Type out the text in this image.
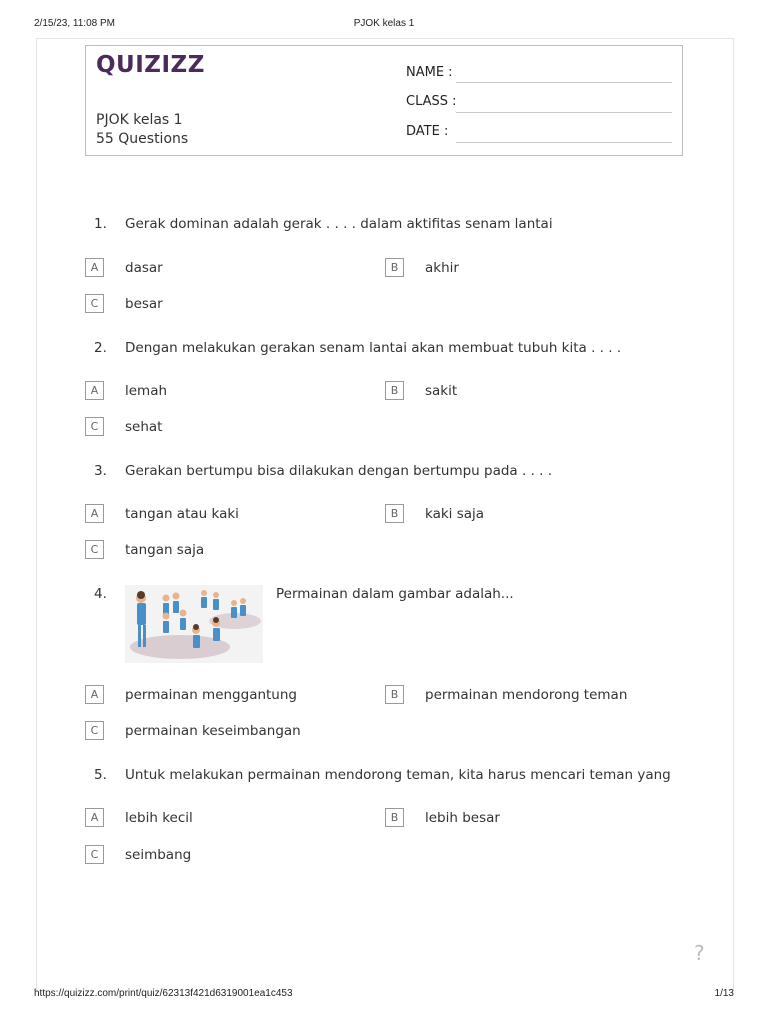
2/15/23, 11:08 PM	PJOK kelas 1
QUIZIZZ
PJOK kelas 1
55 Questions
NAME :
CLASS :
DATE :
1. Gerak dominan adalah gerak . . . . dalam aktifitas senam lantai
A	dasar	B	akhir
C	besar
2. Dengan melakukan gerakan senam lantai akan membuat tubuh kita . . . .
A	lemah	B	sakit
C	sehat
3. Gerakan bertumpu bisa dilakukan dengan bertumpu pada . . . .
A	tangan atau kaki	B	kaki saja
C	tangan saja
4.	Permainan dalam gambar adalah...
A	permainan menggantung	B	permainan mendorong teman
C	permainan keseimbangan
5. Untuk melakukan permainan mendorong teman, kita harus mencari teman yang
A	lebih kecil	B	lebih besar
C	seimbang
?
https://quizizz.com/print/quiz/62313f421d6319001ea1c453	1/13
